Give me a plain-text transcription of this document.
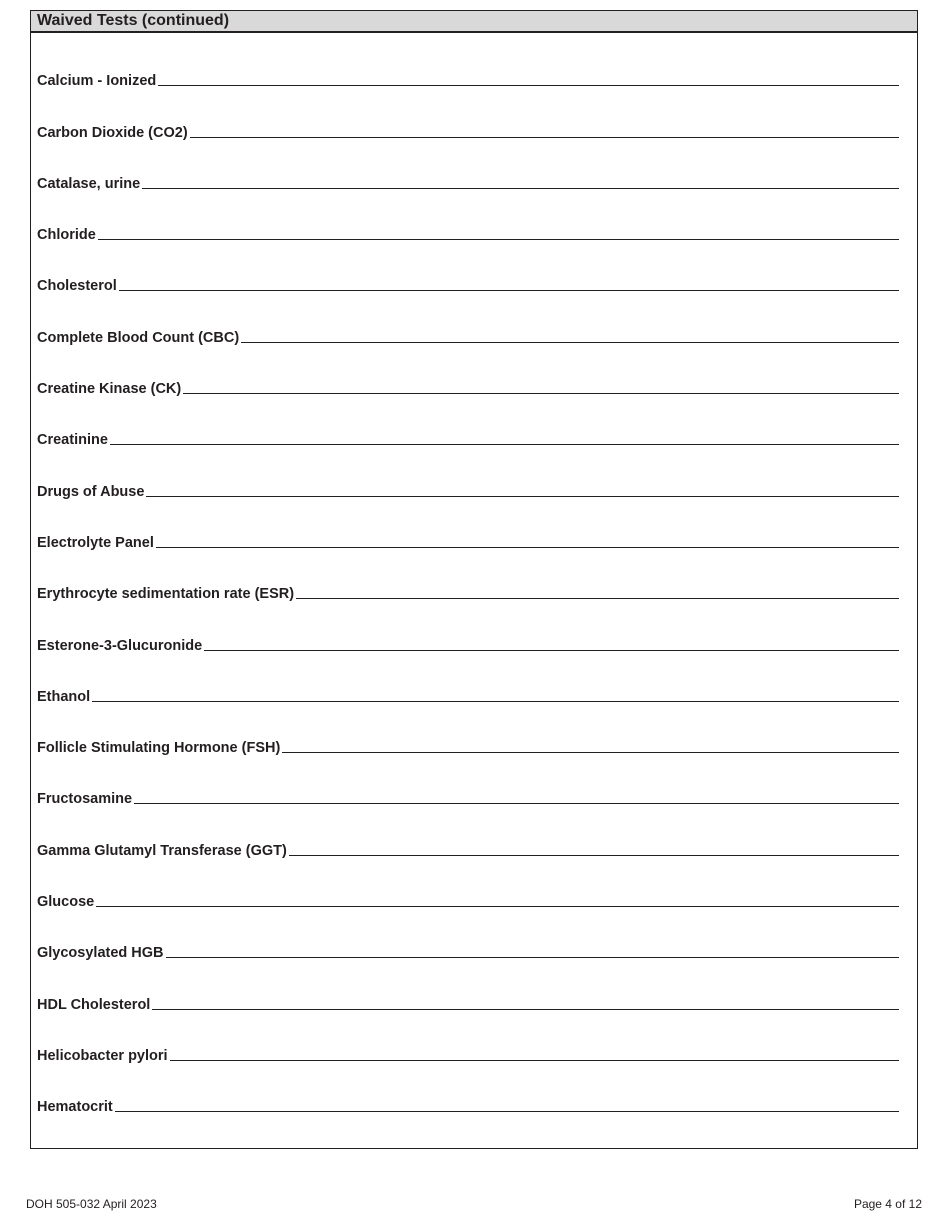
Waived Tests (continued)
Calcium - Ionized
Carbon Dioxide (CO2)
Catalase, urine
Chloride
Cholesterol
Complete Blood Count (CBC)
Creatine Kinase (CK)
Creatinine
Drugs of Abuse
Electrolyte Panel
Erythrocyte sedimentation rate (ESR)
Esterone-3-Glucuronide
Ethanol
Follicle Stimulating Hormone (FSH)
Fructosamine
Gamma Glutamyl Transferase (GGT)
Glucose
Glycosylated HGB
HDL Cholesterol
Helicobacter pylori
Hematocrit
DOH 505-032 April 2023	Page 4 of 12
